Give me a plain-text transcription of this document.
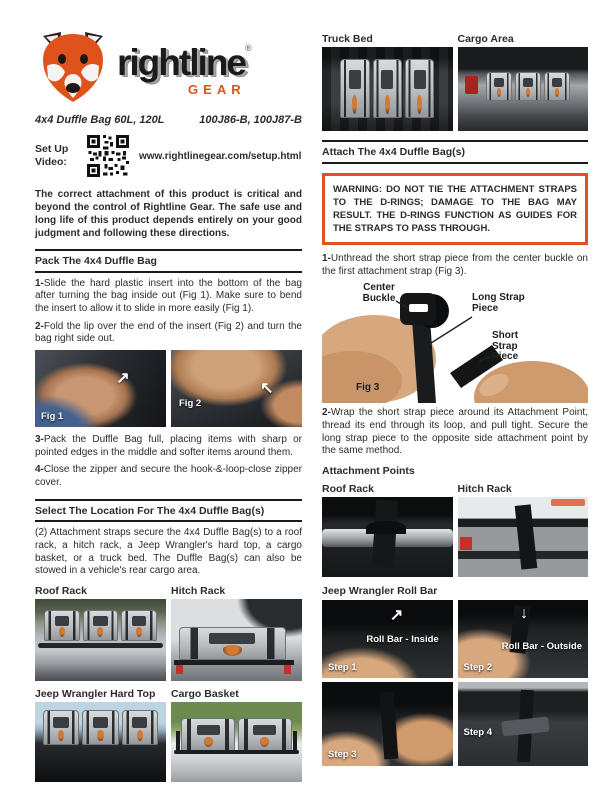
rightline®
GEAR
4x4 Duffle Bag 60L, 120L	100J86-B, 100J87-B
Set Up
Video:	www.rightlinegear.com/setup.html
The correct attachment of this product is critical and beyond the control of Rightline Gear. The safe use and long life of this product depends entirely on your good judgment and following these directions.
Pack The 4x4 Duffle Bag
1-Slide the hard plastic insert into the bottom of the bag after turning the bag inside out (Fig 1). Make sure to bend the insert to allow it to slide in more easily (Fig 1).
2-Fold the lip over the end of the insert (Fig 2) and turn the bag right side out.
↗
Fig 1
↖
Fig 2
3-Pack the Duffle Bag full, placing items with sharp or pointed edges in the middle and softer items around them.
4-Close the zipper and secure the hook-&-loop-close zipper cover.
Select The Location For The 4x4 Duffle Bag(s)
(2) Attachment straps secure the 4x4 Duffle Bag(s) to a roof rack, a hitch rack, a Jeep Wrangler's hard top, a cargo basket, or a truck bed. The Duffle Bag(s) can also be stowed in a vehicle's rear cargo area.
Roof Rack	Hitch Rack
Jeep Wrangler Hard Top	Cargo Basket
Truck Bed	Cargo Area
Attach The 4x4 Duffle Bag(s)
WARNING: DO NOT TIE THE ATTACHMENT STRAPS TO THE D-RINGS; DAMAGE TO THE BAG MAY RESULT. THE D-RINGS FUNCTION AS GUIDES FOR THE STRAPS TO PASS THROUGH.
1-Unthread the short strap piece from the center buckle on the first attachment strap (Fig 3).
Center Buckle	Long Strap Piece
Short
Strap
Piece
Fig 3
2-Wrap the short strap piece around its Attachment Point, thread its end through its loop, and pull tight. Secure the long strap piece to the opposite side attachment point by the same method.
Attachment Points
Roof Rack	Hitch Rack
Jeep Wrangler Roll Bar
↗
Roll Bar - Inside
Step 1
↓
Roll Bar - Outside
Step 2
Step 3
Step 4
